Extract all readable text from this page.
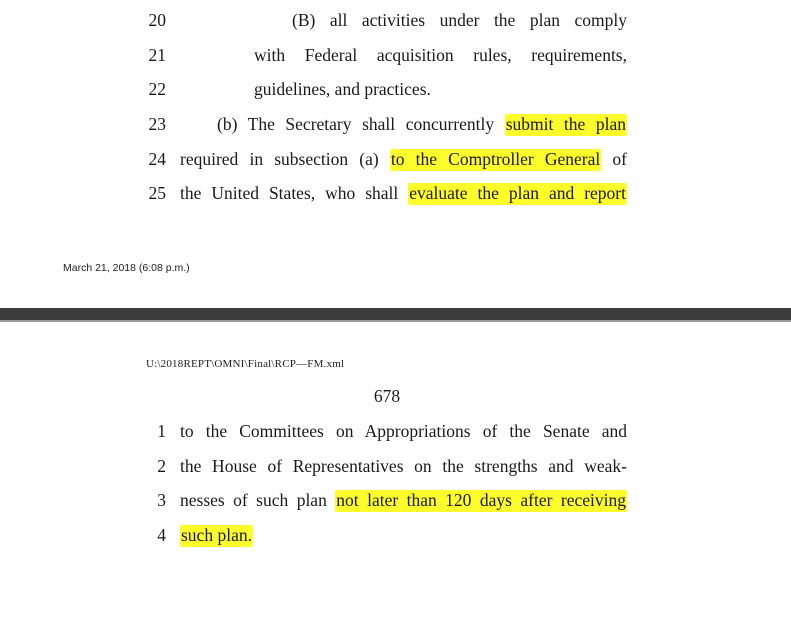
20	(B) all activities under the plan comply
21	with Federal acquisition rules, requirements,
22	guidelines, and practices.
23	(b) The Secretary shall concurrently submit the plan
24 required in subsection (a) to the Comptroller General of
25 the United States, who shall evaluate the plan and report
March 21, 2018 (6:08 p.m.)
U:\2018REPT\OMNI\Final\RCP—FM.xml
678
1 to the Committees on Appropriations of the Senate and
2 the House of Representatives on the strengths and weak-
3 nesses of such plan not later than 120 days after receiving
4 such plan.
